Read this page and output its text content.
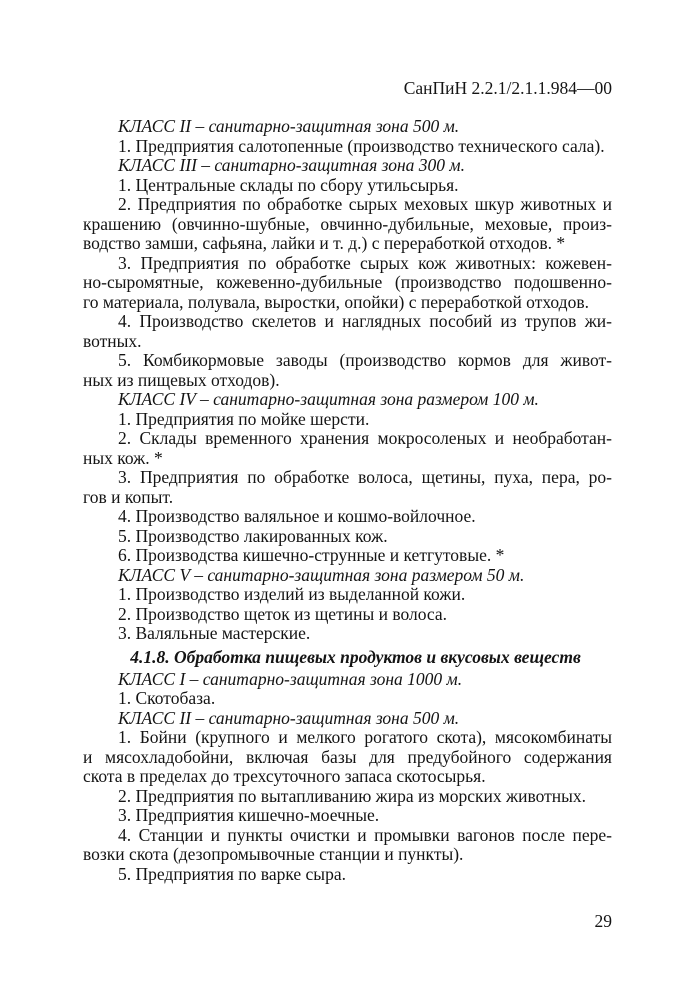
СанПиН 2.2.1/2.1.1.984—00
КЛАСС II – санитарно-защитная зона 500 м.
1. Предприятия салотопенные (производство технического сала).
КЛАСС III – санитарно-защитная зона 300 м.
1. Центральные склады по сбору утильсырья.
2. Предприятия по обработке сырых меховых шкур животных и
крашению (овчинно-шубные, овчинно-дубильные, меховые, произ-
водство замши, сафьяна, лайки и т. д.) с переработкой отходов. *
3. Предприятия по обработке сырых кож животных: кожевен-
но-сыромятные, кожевенно-дубильные (производство подошвенно-
го материала, полувала, выростки, опойки) с переработкой отходов.
4. Производство скелетов и наглядных пособий из трупов жи-
вотных.
5. Комбикормовые заводы (производство кормов для живот-
ных из пищевых отходов).
КЛАСС IV – санитарно-защитная зона размером 100 м.
1. Предприятия по мойке шерсти.
2. Склады временного хранения мокросоленых и необработан-
ных кож. *
3. Предприятия по обработке волоса, щетины, пуха, пера, ро-
гов и копыт.
4. Производство валяльное и кошмо-войлочное.
5. Производство лакированных кож.
6. Производства кишечно-струнные и кетгутовые. *
КЛАСС V – санитарно-защитная зона размером 50 м.
1. Производство изделий из выделанной кожи.
2. Производство щеток из щетины и волоса.
3. Валяльные мастерские.
4.1.8. Обработка пищевых продуктов и вкусовых веществ
КЛАСС I – санитарно-защитная зона 1000 м.
1. Скотобаза.
КЛАСС II – санитарно-защитная зона 500 м.
1. Бойни (крупного и мелкого рогатого скота), мясокомбинаты
и мясохладобойни, включая базы для предубойного содержания
скота в пределах до трехсуточного запаса скотосырья.
2. Предприятия по вытапливанию жира из морских животных.
3. Предприятия кишечно-моечные.
4. Станции и пункты очистки и промывки вагонов после пере-
возки скота (дезопромывочные станции и пункты).
5. Предприятия по варке сыра.
29
